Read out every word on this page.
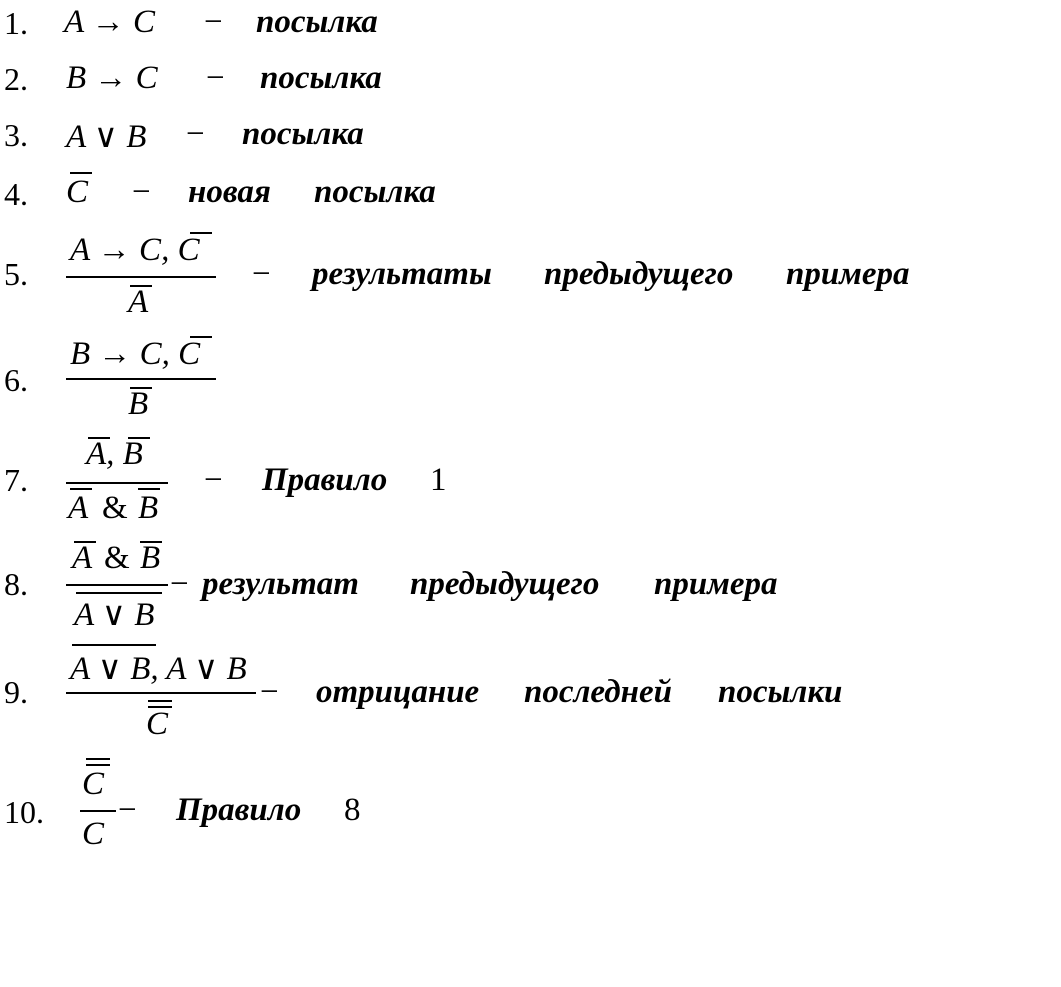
1. A → C − посылка
2. B → C − посылка
3. A ∨ B − посылка
4. C − новая посылка
5.
A → C, C
A
− результаты предыдущего примера
6.
B → C, C
B
7.
A, B
A & B
− Правило 1
8.
A & B
A ∨ B
− результат предыдущего примера
9.
A ∨ B, A ∨ B
C
− отрицание последней посылки
10.
C
C
− Правило 8
